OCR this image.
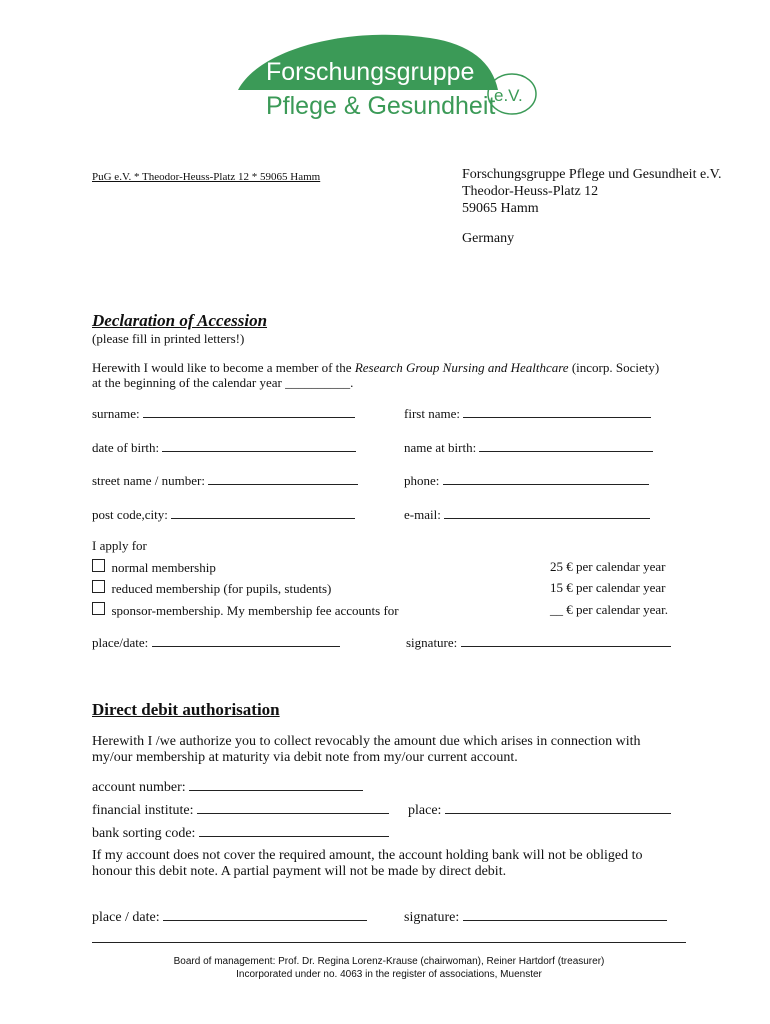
Forschungsgruppe
Pflege & Gesundheit
e.V.
PuG e.V. * Theodor-Heuss-Platz 12 * 59065 Hamm	Forschungsgruppe Pflege und Gesundheit e.V.
Theodor-Heuss-Platz 12
59065 Hamm
Germany
Declaration of Accession
(please fill in printed letters!)
Herewith I would like to become a member of the Research Group Nursing and Healthcare (incorp. Society)
at the beginning of the calendar year __________.
surname:	first name:
date of birth:	name at birth:
street name / number:	phone:
post code,city:	e-mail:
I apply for
normal membership	25 € per calendar year
reduced membership (for pupils, students)	15 € per calendar year
sponsor-membership. My membership fee accounts for	__ € per calendar year.
place/date:	signature:
Direct debit authorisation
Herewith I /we authorize you to collect revocably the amount due which arises in connection with
my/our membership at maturity via debit note from my/our current account.
account number:
financial institute:	place:
bank sorting code:
If my account does not cover the required amount, the account holding bank will not be obliged to
honour this debit note. A partial payment will not be made by direct debit.
place / date:	signature:
Board of management: Prof. Dr. Regina Lorenz-Krause (chairwoman), Reiner Hartdorf (treasurer)
Incorporated under no. 4063 in the register of associations, Muenster
